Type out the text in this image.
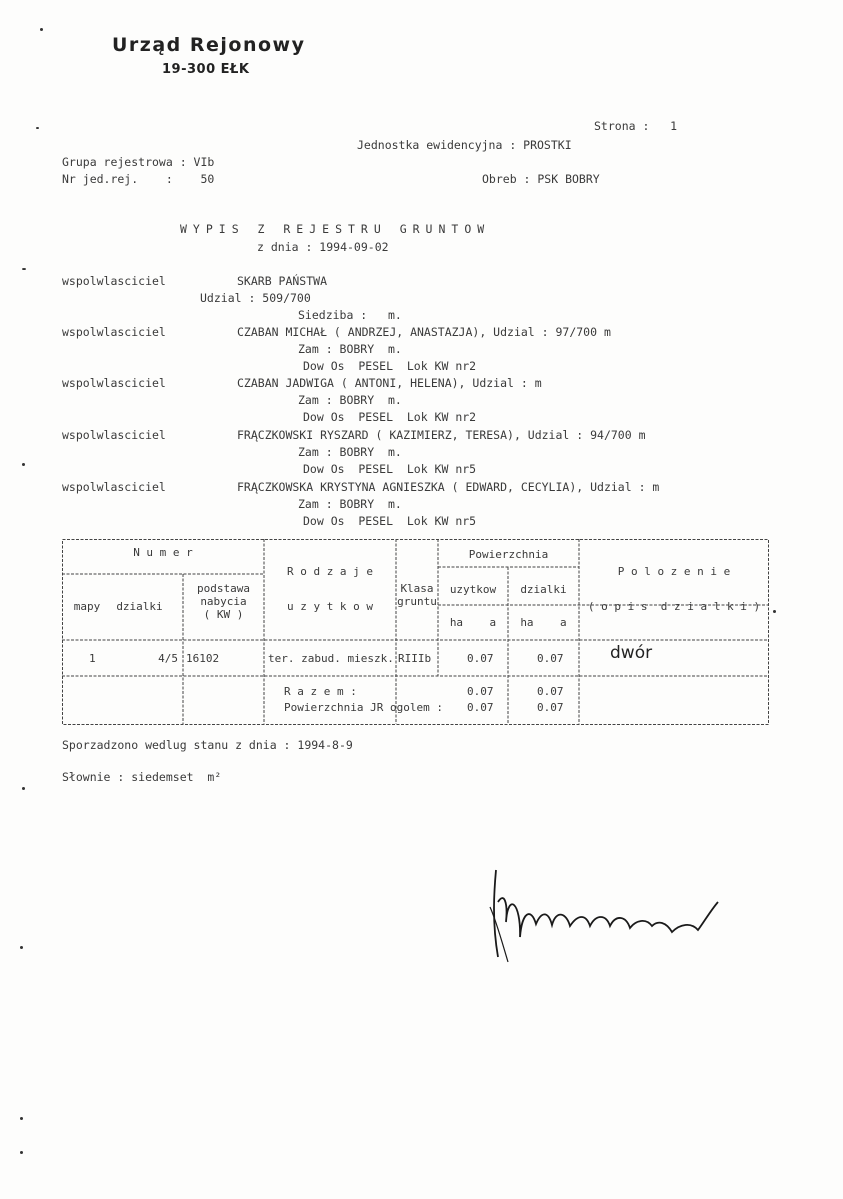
Urząd Rejonowy
19-300 EŁK
Strona :   1
Jednostka ewidencyjna : PROSTKI
Grupa rejestrowa : VIb
Nr jed.rej.    :    50	Obreb : PSK BOBRY
WYPIS Z REJESTRU GRUNTOW
z dnia : 1994-09-02
wspolwlasciciel	SKARB PAŃSTWA
Udzial : 509/700
Siedziba :   m.
wspolwlasciciel	CZABAN MICHAŁ ( ANDRZEJ, ANASTAZJA), Udzial : 97/700 m
Zam : BOBRY  m.
Dow Os  PESEL  Lok KW nr2
wspolwlasciciel	CZABAN JADWIGA ( ANTONI, HELENA), Udzial : m
Zam : BOBRY  m.
Dow Os  PESEL  Lok KW nr2
wspolwlasciciel	FRĄCZKOWSKI RYSZARD ( KAZIMIERZ, TERESA), Udzial : 94/700 m
Zam : BOBRY  m.
Dow Os  PESEL  Lok KW nr5
wspolwlasciciel	FRĄCZKOWSKA KRYSTYNA AGNIESZKA ( EDWARD, CECYLIA), Udzial : m
Zam : BOBRY  m.
Dow Os  PESEL  Lok KW nr5
N u m e r
mapy	dzialki
podstawa
nabycia
( KW )
R o d z a j e
u z y t k o w
Klasa
gruntu
Powierzchnia
uzytkow	dzialki
ha    a	ha    a
P o l o z e n i e
( o p i s  d z i a l k i )
1	4/5 16102	ter. zabud. mieszk. RIIIb	0.07	0.07	dwór
R a z e m :
Powierzchnia JR ogolem :
0.07	0.07
0.07	0.07
Sporzadzono wedlug stanu z dnia : 1994-8-9
Słownie : siedemset  m²
